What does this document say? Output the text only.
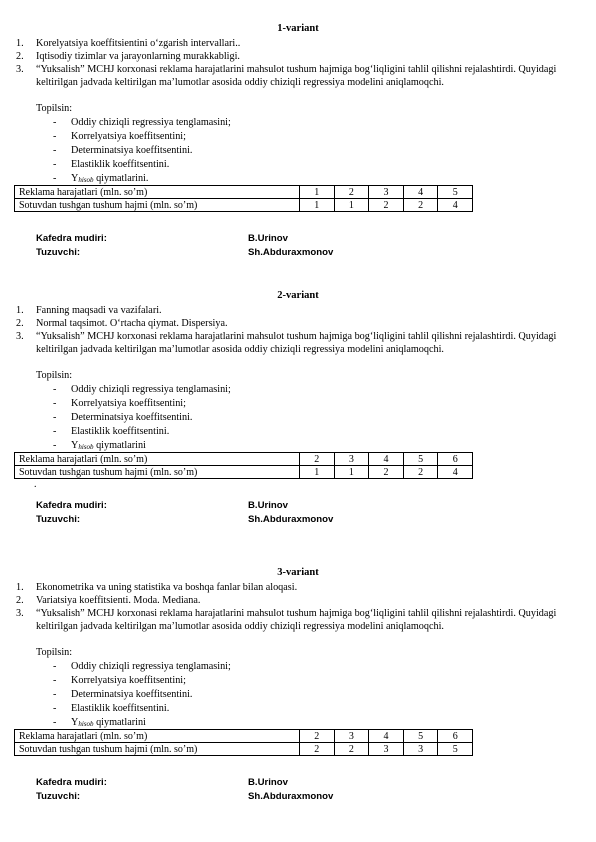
1-variant
1. Korelyatsiya koeffitsientini o‘zgarish intervallari..
2. Iqtisodiy tizimlar va jarayonlarning murakkabligi.
3. “Yuksalish” MCHJ korxonasi reklama harajatlarini mahsulot tushum hajmiga bog‘liqligini tahlil qilishni rejalashtirdi. Quyidagi keltirilgan jadvada keltirilgan ma’lumotlar asosida oddiy chiziqli regressiya modelini aniqlamoqchi.
Topilsin:
- Oddiy chiziqli regressiya tenglamasini;
- Korrelyatsiya koeffitsentini;
- Determinatsiya koeffitsentini.
- Elastiklik koeffitsentini.
- $Y_{hisob}$ qiymatlarini.
Reklama harajatlari (mln. so’m)	1	2	3	4	5
Sotuvdan tushgan tushum hajmi (mln. so’m)	1	1	2	2	4
Kafedra mudiri:	B.Urinov
Tuzuvchi:	Sh.Abduraxmonov
2-variant
1. Fanning maqsadi va vazifalari.
2. Normal taqsimot. O‘rtacha qiymat. Dispersiya.
3. “Yuksalish” MCHJ korxonasi reklama harajatlarini mahsulot tushum hajmiga bog‘liqligini tahlil qilishni rejalashtirdi. Quyidagi keltirilgan jadvada keltirilgan ma’lumotlar asosida oddiy chiziqli regressiya modelini aniqlamoqchi.
Topilsin:
- Oddiy chiziqli regressiya tenglamasini;
- Korrelyatsiya koeffitsentini;
- Determinatsiya koeffitsentini.
- Elastiklik koeffitsentini.
- $Y_{hisob}$ qiymatlarini
Reklama harajatlari (mln. so’m)	2	3	4	5	6
Sotuvdan tushgan tushum hajmi (mln. so’m)	1	1	2	2	4
.
Kafedra mudiri:	B.Urinov
Tuzuvchi:	Sh.Abduraxmonov
3-variant
1. Ekonometrika va uning statistika va boshqa fanlar bilan aloqasi.
2. Variatsiya koeffitsienti. Moda. Mediana.
3. “Yuksalish” MCHJ korxonasi reklama harajatlarini mahsulot tushum hajmiga bog‘liqligini tahlil qilishni rejalashtirdi. Quyidagi keltirilgan jadvada keltirilgan ma’lumotlar asosida oddiy chiziqli regressiya modelini aniqlamoqchi.
Topilsin:
- Oddiy chiziqli regressiya tenglamasini;
- Korrelyatsiya koeffitsentini;
- Determinatsiya koeffitsentini.
- Elastiklik koeffitsentini.
- $Y_{hisob}$ qiymatlarini
Reklama harajatlari (mln. so’m)	2	3	4	5	6
Sotuvdan tushgan tushum hajmi (mln. so’m)	2	2	3	3	5
Kafedra mudiri:	B.Urinov
Tuzuvchi:	Sh.Abduraxmonov
